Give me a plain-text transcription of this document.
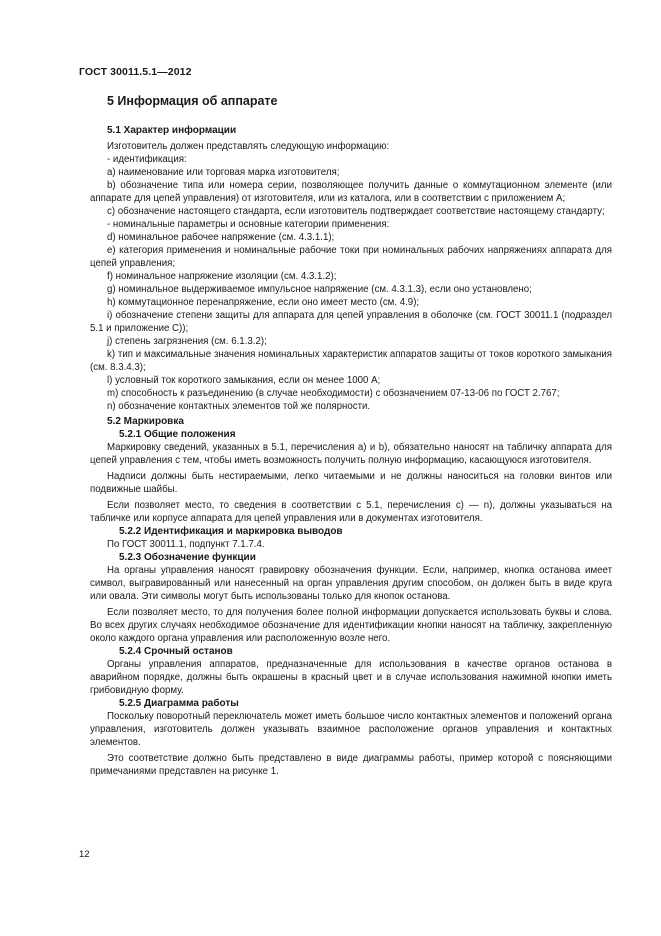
ГОСТ 30011.5.1—2012
5 Информация об аппарате
5.1 Характер информации

Изготовитель должен представлять следующую информацию:

- идентификация:

a) наименование или торговая марка изготовителя;

b) обозначение типа или номера серии, позволяющее получить данные о коммутационном элементе (или аппарате для цепей управления) от изготовителя, или из каталога, или в соответствии с приложением А;

c) обозначение настоящего стандарта, если изготовитель подтверждает соответствие настоящему стандарту;

- номинальные параметры и основные категории применения:

d) номинальное рабочее напряжение (см. 4.3.1.1);

e) категория применения и номинальные рабочие токи при номинальных рабочих напряжениях аппарата для цепей управления;

f) номинальное напряжение изоляции (см. 4.3.1.2);

g) номинальное выдерживаемое импульсное напряжение (см. 4.3.1.3), если оно установлено;

h) коммутационное перенапряжение, если оно имеет место (см. 4.9);

i) обозначение степени защиты для аппарата для цепей управления в оболочке (см. ГОСТ 30011.1 (подраздел 5.1 и приложение С));

j) степень загрязнения (см. 6.1.3.2);

k) тип и максимальные значения номинальных характеристик аппаратов защиты от токов короткого замыкания (см. 8.3.4.3);

l) условный ток короткого замыкания, если он менее 1000 А;

m) способность к разъединению (в случае необходимости) с обозначением 07-13-06 по ГОСТ 2.767;

n) обозначение контактных элементов той же полярности.

5.2 Маркировка
5.2.1 Общие положения

Маркировку сведений, указанных в 5.1, перечисления a) и b), обязательно наносят на табличку аппарата для цепей управления с тем, чтобы иметь возможность получить полную информацию, касающуюся изготовителя.

Надписи должны быть нестираемыми, легко читаемыми и не должны наноситься на головки винтов или подвижные шайбы.

Если позволяет место, то сведения в соответствии с 5.1, перечисления c) — n), должны указываться на табличке или корпусе аппарата для цепей управления или в документах изготовителя.

5.2.2 Идентификация и маркировка выводов

По ГОСТ 30011.1, подпункт 7.1.7.4.

5.2.3 Обозначение функции

На органы управления наносят гравировку обозначения функции. Если, например, кнопка останова имеет символ, выгравированный или нанесенный на орган управления другим способом, он должен быть в виде круга или овала. Эти символы могут быть использованы только для кнопок останова.

Если позволяет место, то для получения более полной информации допускается использовать буквы и слова. Во всех других случаях необходимое обозначение для идентификации кнопки наносят на табличку, закрепленную около каждого органа управления или расположенную возле него.

5.2.4 Срочный останов

Органы управления аппаратов, предназначенные для использования в качестве органов останова в аварийном порядке, должны быть окрашены в красный цвет и в случае использования нажимной кнопки иметь грибовидную форму.

5.2.5 Диаграмма работы

Поскольку поворотный переключатель может иметь большое число контактных элементов и положений органа управления, изготовитель должен указывать взаимное расположение органов управления и контактных элементов.

Это соответствие должно быть представлено в виде диаграммы работы, пример которой с поясняющими примечаниями представлен на рисунке 1.

12
